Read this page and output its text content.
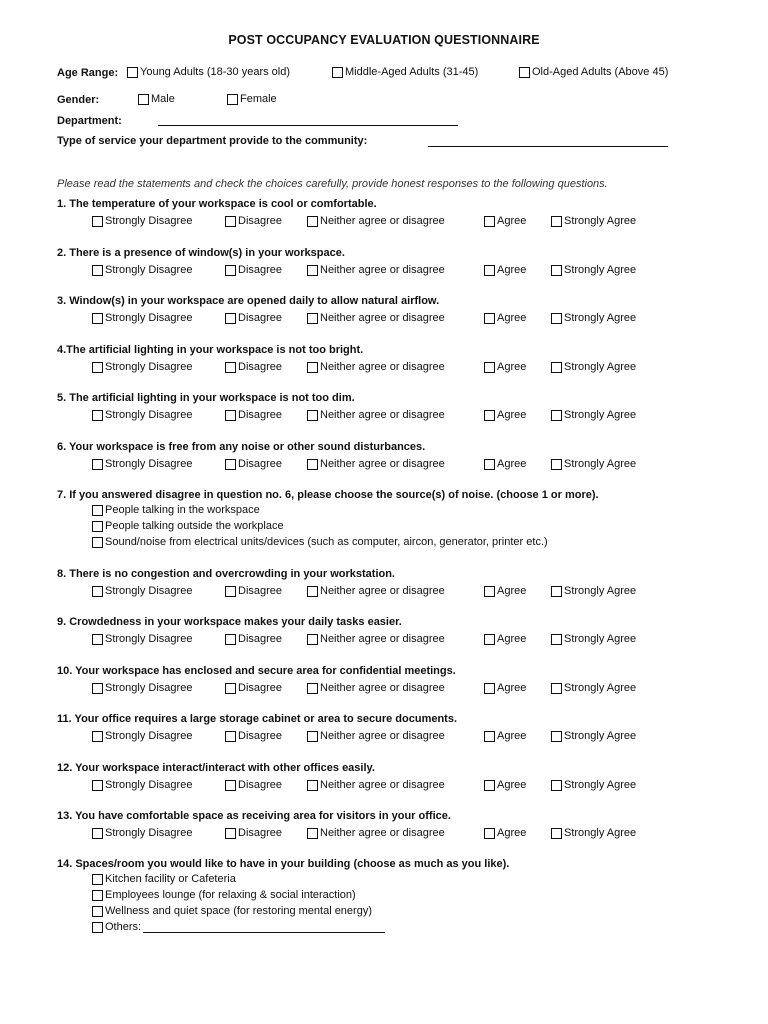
POST OCCUPANCY EVALUATION QUESTIONNAIRE
Age Range: Young Adults (18-30 years old)	Middle-Aged Adults (31-45)	Old-Aged Adults (Above 45)
Gender:	Male	Female
Department:
Type of service your department provide to the community:
Please read the statements and check the choices carefully, provide honest responses to the following questions.
1. The temperature of your workspace is cool or comfortable.
Strongly Disagree	Disagree	Neither agree or disagree	Agree	Strongly Agree
2. There is a presence of window(s) in your workspace.
Strongly Disagree	Disagree	Neither agree or disagree	Agree	Strongly Agree
3. Window(s) in your workspace are opened daily to allow natural airflow.
Strongly Disagree	Disagree	Neither agree or disagree	Agree	Strongly Agree
4.The artificial lighting in your workspace is not too bright.
Strongly Disagree	Disagree	Neither agree or disagree	Agree	Strongly Agree
5. The artificial lighting in your workspace is not too dim.
Strongly Disagree	Disagree	Neither agree or disagree	Agree	Strongly Agree
6. Your workspace is free from any noise or other sound disturbances.
Strongly Disagree	Disagree	Neither agree or disagree	Agree	Strongly Agree
7. If you answered disagree in question no. 6, please choose the source(s) of noise. (choose 1 or more).
People talking in the workspace
People talking outside the workplace
Sound/noise from electrical units/devices (such as computer, aircon, generator, printer etc.)
8. There is no congestion and overcrowding in your workstation.
Strongly Disagree	Disagree	Neither agree or disagree	Agree	Strongly Agree
9. Crowdedness in your workspace makes your daily tasks easier.
Strongly Disagree	Disagree	Neither agree or disagree	Agree	Strongly Agree
10. Your workspace has enclosed and secure area for confidential meetings.
Strongly Disagree	Disagree	Neither agree or disagree	Agree	Strongly Agree
11. Your office requires a large storage cabinet or area to secure documents.
Strongly Disagree	Disagree	Neither agree or disagree	Agree	Strongly Agree
12. Your workspace interact/interact with other offices easily.
Strongly Disagree	Disagree	Neither agree or disagree	Agree	Strongly Agree
13. You have comfortable space as receiving area for visitors in your office.
Strongly Disagree	Disagree	Neither agree or disagree	Agree	Strongly Agree
14. Spaces/room you would like to have in your building (choose as much as you like).
Kitchen facility or Cafeteria
Employees lounge (for relaxing & social interaction)
Wellness and quiet space (for restoring mental energy)
Others:
